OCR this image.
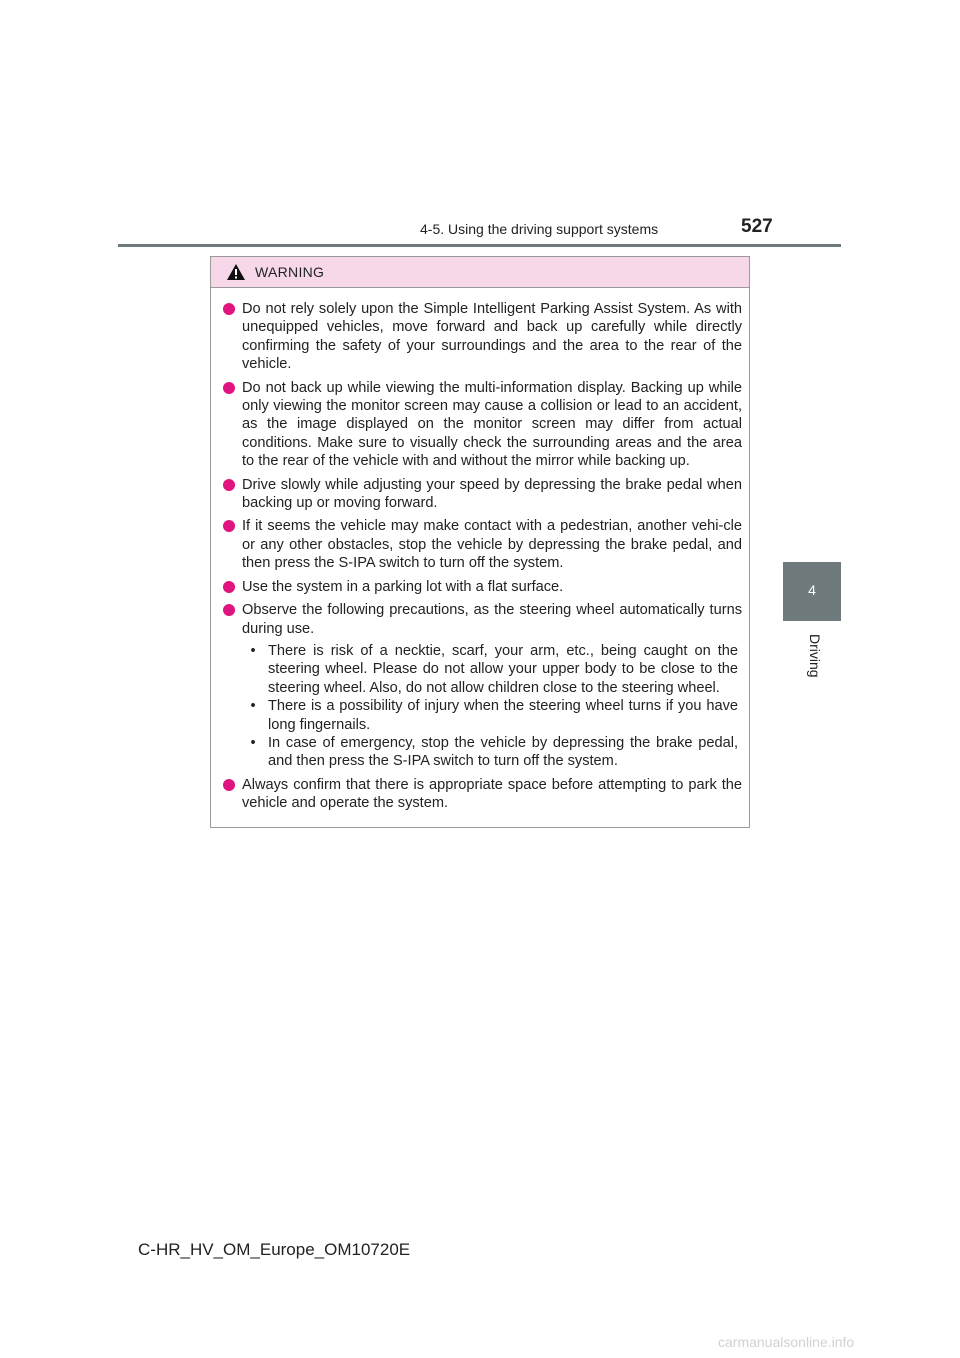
4-5. Using the driving support systems	527
4
Driving
WARNING
Do not rely solely upon the Simple Intelligent Parking Assist System. As with unequipped vehicles, move forward and back up carefully while directly confirming the safety of your surroundings and the area to the rear of the vehicle.
Do not back up while viewing the multi-information display. Backing up while only viewing the monitor screen may cause a collision or lead to an accident, as the image displayed on the monitor screen may differ from actual conditions. Make sure to visually check the surrounding areas and the area to the rear of the vehicle with and without the mirror while backing up.
Drive slowly while adjusting your speed by depressing the brake pedal when backing up or moving forward.
If it seems the vehicle may make contact with a pedestrian, another vehi-cle or any other obstacles, stop the vehicle by depressing the brake pedal, and then press the S-IPA switch to turn off the system.
Use the system in a parking lot with a flat surface.
Observe the following precautions, as the steering wheel automatically turns during use.
• There is risk of a necktie, scarf, your arm, etc., being caught on the steering wheel. Please do not allow your upper body to be close to the steering wheel. Also, do not allow children close to the steering wheel.
• There is a possibility of injury when the steering wheel turns if you have long fingernails.
• In case of emergency, stop the vehicle by depressing the brake pedal, and then press the S-IPA switch to turn off the system.
Always confirm that there is appropriate space before attempting to park the vehicle and operate the system.
C-HR_HV_OM_Europe_OM10720E
carmanualsonline.info
